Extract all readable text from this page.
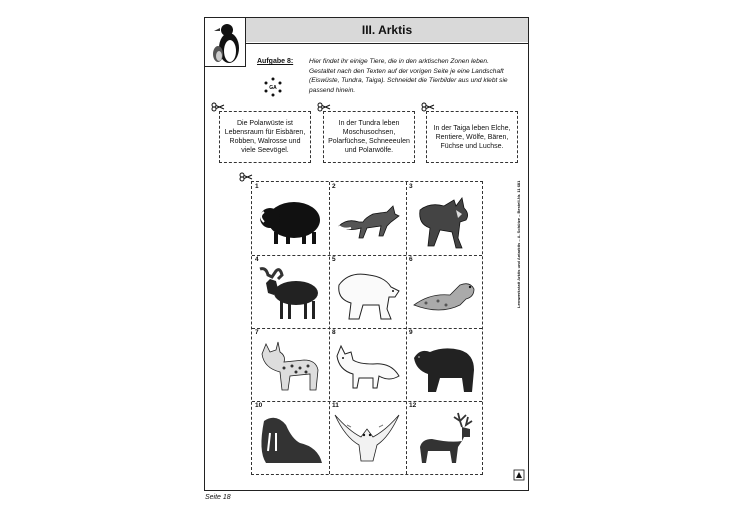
III. Arktis
Aufgabe 8: Hier findet ihr einige Tiere, die in den arktischen Zonen leben. Gestaltet nach den Texten auf der vorigen Seite je eine Landschaft (Eiswüste, Tundra, Taiga). Schneidet die Tierbilder aus und klebt sie passend hinein.
GA
Die Polarwüste ist Lebensraum für Eisbären, Robben, Walrosse und viele Seevögel.
In der Tundra leben Moschusochsen, Polarfüchse, Schneeeulen und Polarwölfe.
In der Taiga leben Elche, Rentiere, Wölfe, Bären, Füchse und Luchse.
1	2	3
4	5	6
7	8	9
10	11	12
Lernwerkstatt Arktis und Antarktis – A. Schütze – Bestell-Nr. 11 681
Seite 18
